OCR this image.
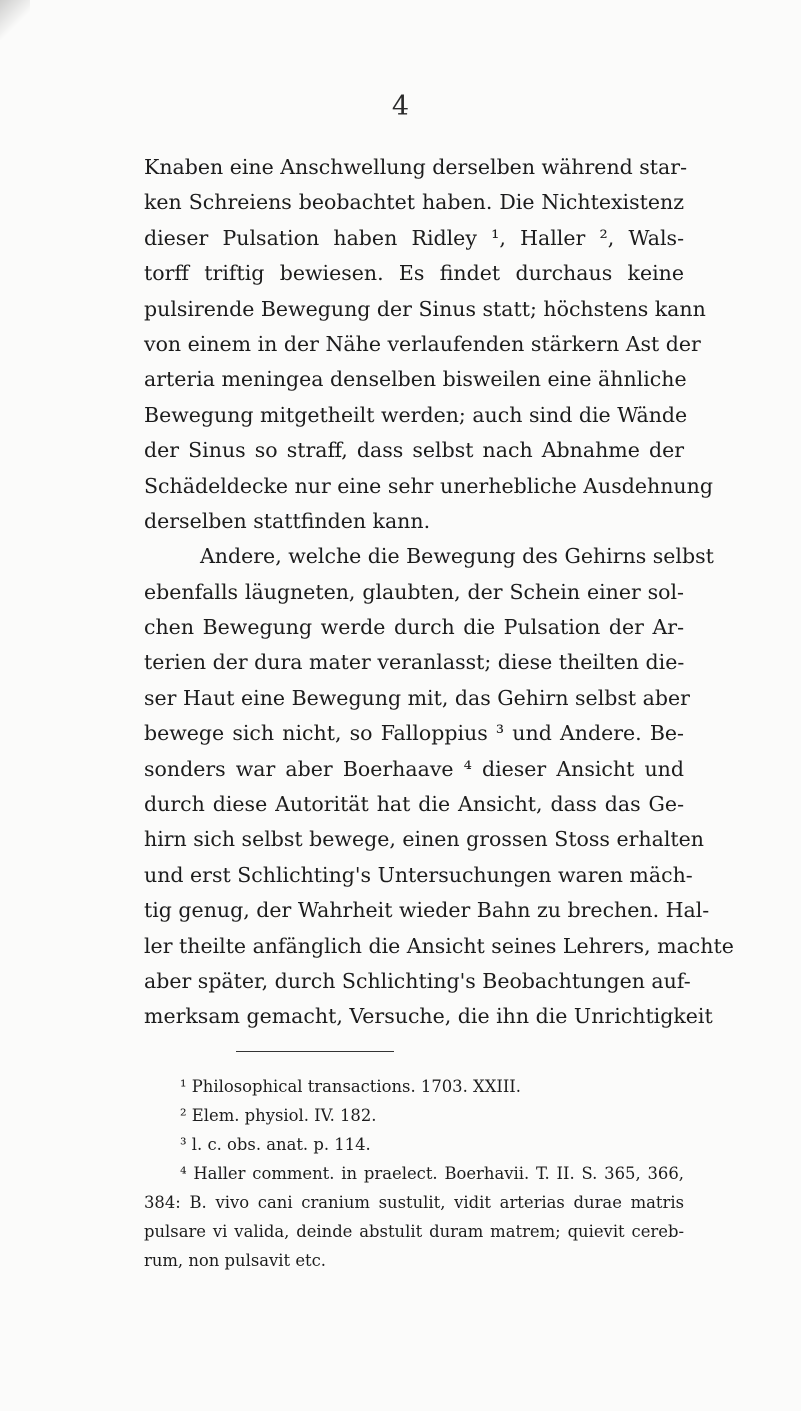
4
Knaben eine Anschwellung derselben während star-
ken Schreiens beobachtet haben. Die Nichtexistenz
dieser Pulsation haben Ridley ¹, Haller ², Wals-
torff triftig bewiesen. Es findet durchaus keine
pulsirende Bewegung der Sinus statt; höchstens kann
von einem in der Nähe verlaufenden stärkern Ast der
arteria meningea denselben bisweilen eine ähnliche
Bewegung mitgetheilt werden; auch sind die Wände
der Sinus so straff, dass selbst nach Abnahme der
Schädeldecke nur eine sehr unerhebliche Ausdehnung
derselben stattfinden kann.
Andere, welche die Bewegung des Gehirns selbst
ebenfalls läugneten, glaubten, der Schein einer sol-
chen Bewegung werde durch die Pulsation der Ar-
terien der dura mater veranlasst; diese theilten die-
ser Haut eine Bewegung mit, das Gehirn selbst aber
bewege sich nicht, so Falloppius ³ und Andere. Be-
sonders war aber Boerhaave ⁴ dieser Ansicht und
durch diese Autorität hat die Ansicht, dass das Ge-
hirn sich selbst bewege, einen grossen Stoss erhalten
und erst Schlichting's Untersuchungen waren mäch-
tig genug, der Wahrheit wieder Bahn zu brechen. Hal-
ler theilte anfänglich die Ansicht seines Lehrers, machte
aber später, durch Schlichting's Beobachtungen auf-
merksam gemacht, Versuche, die ihn die Unrichtigkeit
¹ Philosophical transactions. 1703. XXIII.
² Elem. physiol. IV. 182.
³ l. c. obs. anat. p. 114.
⁴ Haller comment. in praelect. Boerhavii. T. II. S. 365, 366,
384: B. vivo cani cranium sustulit, vidit arterias durae matris
pulsare vi valida, deinde abstulit duram matrem; quievit cereb-
rum, non pulsavit etc.
